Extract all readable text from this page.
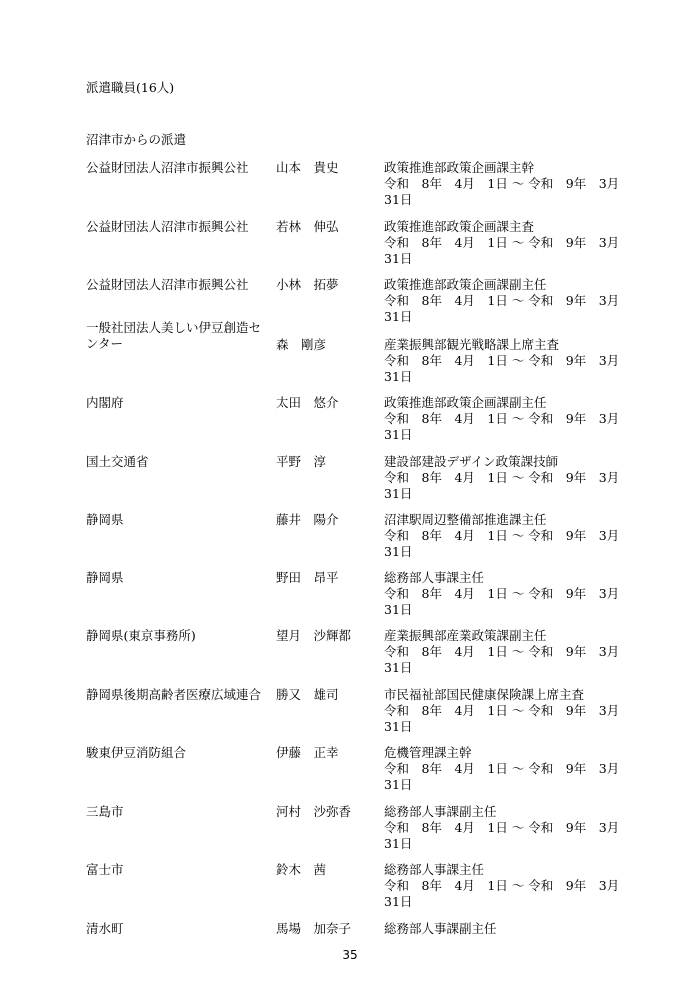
派遣職員(16人)
沼津市からの派遣
公益財団法人沼津市振興公社	山本　貴史	政策推進部政策企画課主幹
令和　8年　4月　1日 ～ 令和　9年　3月31日
公益財団法人沼津市振興公社	若林　伸弘	政策推進部政策企画課主査
令和　8年　4月　1日 ～ 令和　9年　3月31日
公益財団法人沼津市振興公社	小林　拓夢	政策推進部政策企画課副主任
令和　8年　4月　1日 ～ 令和　9年　3月31日
一般社団法人美しい伊豆創造センター	森　剛彦	産業振興部観光戦略課上席主査
令和　8年　4月　1日 ～ 令和　9年　3月31日
内閣府	太田　悠介	政策推進部政策企画課副主任
令和　8年　4月　1日 ～ 令和　9年　3月31日
国土交通省	平野　淳	建設部建設デザイン政策課技師
令和　8年　4月　1日 ～ 令和　9年　3月31日
静岡県	藤井　陽介	沼津駅周辺整備部推進課主任
令和　8年　4月　1日 ～ 令和　9年　3月31日
静岡県	野田　昂平	総務部人事課主任
令和　8年　4月　1日 ～ 令和　9年　3月31日
静岡県(東京事務所)	望月　沙輝都	産業振興部産業政策課副主任
令和　8年　4月　1日 ～ 令和　9年　3月31日
静岡県後期高齢者医療広域連合	勝又　雄司	市民福祉部国民健康保険課上席主査
令和　8年　4月　1日 ～ 令和　9年　3月31日
駿東伊豆消防組合	伊藤　正幸	危機管理課主幹
令和　8年　4月　1日 ～ 令和　9年　3月31日
三島市	河村　沙弥香	総務部人事課副主任
令和　8年　4月　1日 ～ 令和　9年　3月31日
富士市	鈴木　茜	総務部人事課主任
令和　8年　4月　1日 ～ 令和　9年　3月31日
清水町	馬場　加奈子	総務部人事課副主任
35
